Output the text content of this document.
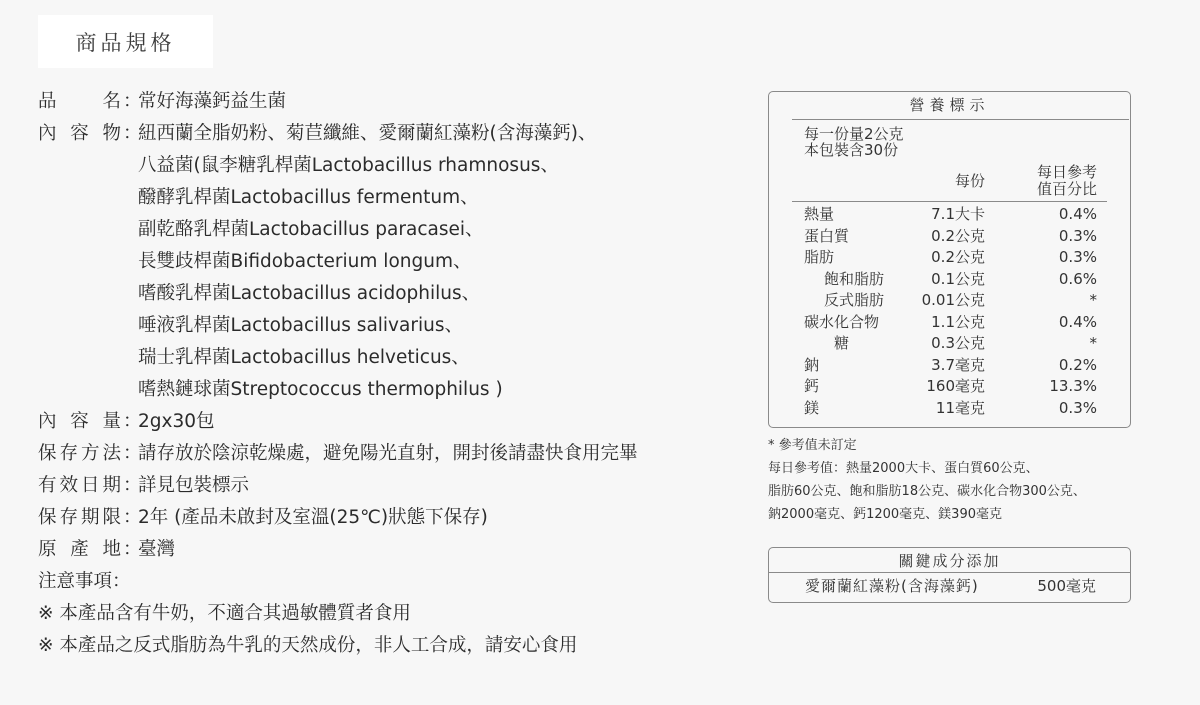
商品規格
品 名 ：
常好海藻鈣益生菌
內 容 物 ：
紐西蘭全脂奶粉、菊苣纖維、愛爾蘭紅藻粉(含海藻鈣)、
八益菌(鼠李糖乳桿菌Lactobacillus rhamnosus、
醱酵乳桿菌Lactobacillus fermentum、
副乾酪乳桿菌Lactobacillus paracasei、
長雙歧桿菌Bifidobacterium longum、
嗜酸乳桿菌Lactobacillus acidophilus、
唾液乳桿菌Lactobacillus salivarius、
瑞士乳桿菌Lactobacillus helveticus、
嗜熱鏈球菌Streptococcus thermophilus )
內 容 量 ：
2gx30包
保 存 方 法 ：
請存放於陰涼乾燥處，避免陽光直射，開封後請盡快食用完畢
有 效 日 期 ：
詳見包裝標示
保 存 期 限 ：
2年 (產品未啟封及室溫(25℃)狀態下保存)
原 產 地 ：
臺灣
注意事項：
※ 本產品含有牛奶，不適合其過敏體質者食用
※ 本產品之反式脂肪為牛乳的天然成份，非人工合成，請安心食用
營養標示
每一份量2公克
本包裝含30份
每份	每日參考
值百分比
熱量	7.1大卡	0.4%
蛋白質	0.2公克	0.3%
脂肪	0.2公克	0.3%
飽和脂肪	0.1公克	0.6%
反式脂肪	0.01公克	*
碳水化合物	1.1公克	0.4%
糖	0.3公克	*
鈉	3.7毫克	0.2%
鈣	160毫克	13.3%
鎂	11毫克	0.3%
* 參考值未訂定
每日參考值：熱量2000大卡、蛋白質60公克、
脂肪60公克、飽和脂肪18公克、碳水化合物300公克、
鈉2000毫克、鈣1200毫克、鎂390毫克
關鍵成分添加
愛爾蘭紅藻粉(含海藻鈣)	500毫克
